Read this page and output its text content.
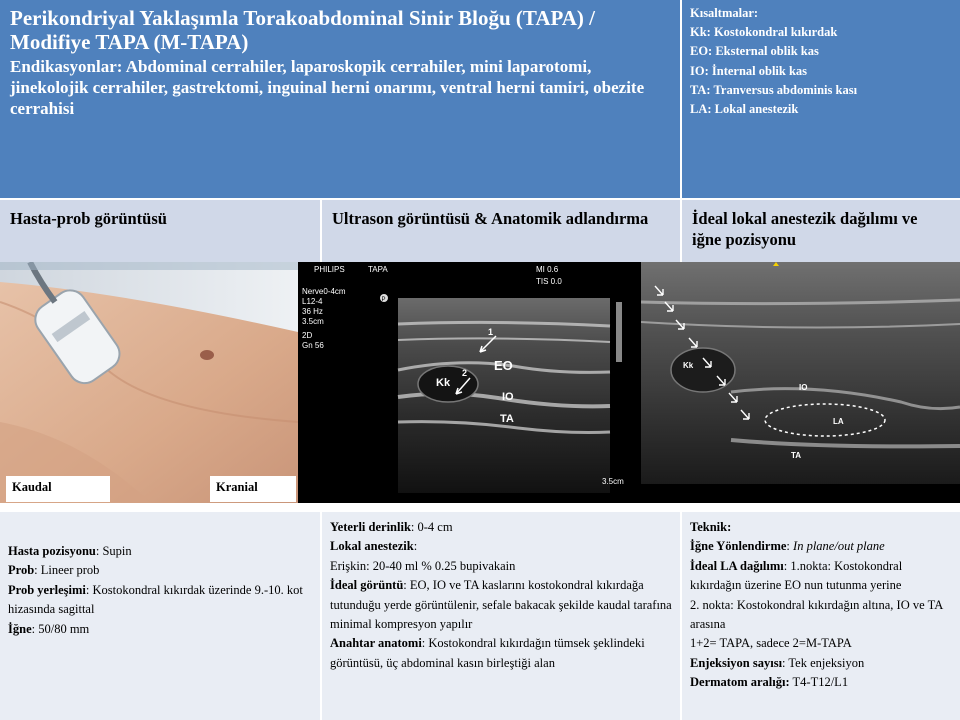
Perikondriyal Yaklaşımla Torakoabdominal Sinir Bloğu (TAPA) / Modifiye TAPA (M-TAPA)
Endikasyonlar: Abdominal cerrahiler, laparoskopik cerrahiler, mini laparotomi, jinekolojik cerrahiler, gastrektomi, inguinal herni onarımı, ventral herni tamiri, obezite cerrahisi
Kısaltmalar:
Kk: Kostokondral kıkırdak
EO: Eksternal oblik kas
IO: İnternal oblik kas
TA: Tranversus abdominis kası
LA: Lokal anestezik
Hasta-prob görüntüsü	Ultrason görüntüsü & Anatomik adlandırma	İdeal lokal anestezik dağılımı ve iğne pozisyonu
Kaudal	Kranial
Nerve0-4cm
L12-4
36 Hz
3.5cm
2D
Gn 56
PHILIPS	TAPA	MI 0.6
TIS 0.0
3.5cm
P
1
2 EO
Kk
IO
TA
Kk
IO
LA
TA
Hasta pozisyonu: Supin
Prob: Lineer prob
Prob yerleşimi: Kostokondral kıkırdak üzerinde 9.-10. kot hizasında sagittal
İğne: 50/80 mm
Yeterli derinlik: 0-4 cm
Lokal anestezik:
Erişkin: 20-40 ml % 0.25 bupivakain
İdeal görüntü: EO, IO ve TA kaslarını kostokondral kıkırdağa tutunduğu yerde görüntülenir, sefale bakacak şekilde kaudal tarafına minimal kompresyon yapılır
Anahtar anatomi: Kostokondral kıkırdağın tümsek şeklindeki görüntüsü, üç abdominal kasın birleştiği alan
Teknik:
İğne Yönlendirme: In plane/out plane
İdeal LA dağılımı: 1.nokta: Kostokondral kıkırdağın üzerine EO nun tutunma yerine
2. nokta: Kostokondral kıkırdağın altına, IO ve TA arasına
1+2= TAPA, sadece 2=M-TAPA
Enjeksiyon sayısı: Tek enjeksiyon
Dermatom aralığı: T4-T12/L1
